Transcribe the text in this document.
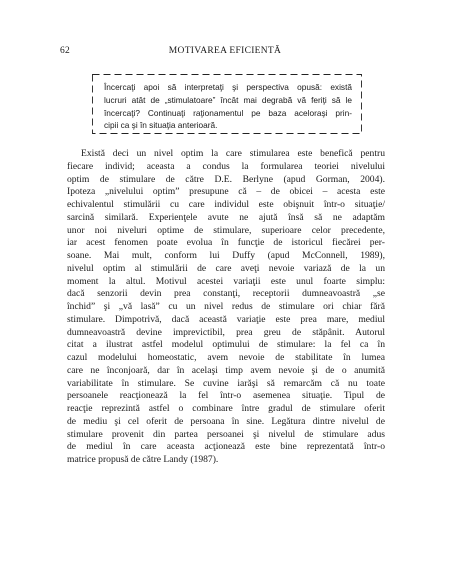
62	MOTIVAREA EFICIENTĂ
Încercaţi apoi să interpretaţi şi perspectiva opusă: există
lucruri atât de „stimulatoare” încât mai degrabă vă feriţi să le
încercaţi? Continuaţi raţionamentul pe baza aceloraşi prin-
cipii ca şi în situaţia anterioară.
Există deci un nivel optim la care stimularea este benefică pentru
fiecare individ; aceasta a condus la formularea teoriei nivelului
optim de stimulare de către D.E. Berlyne (apud Gorman, 2004).
Ipoteza „nivelului optim” presupune că – de obicei – acesta este
echivalentul stimulării cu care individul este obişnuit într-o situaţie/
sarcină similară. Experienţele avute ne ajută însă să ne adaptăm
unor noi niveluri optime de stimulare, superioare celor precedente,
iar acest fenomen poate evolua în funcţie de istoricul fiecărei per-
soane. Mai mult, conform lui Duffy (apud McConnell, 1989),
nivelul optim al stimulării de care aveţi nevoie variază de la un
moment la altul. Motivul acestei variaţii este unul foarte simplu:
dacă senzorii devin prea constanţi, receptorii dumneavoastră „se
închid” şi „vă lasă” cu un nivel redus de stimulare ori chiar fără
stimulare. Dimpotrivă, dacă această variaţie este prea mare, mediul
dumneavoastră devine imprevictibil, prea greu de stăpânit. Autorul
citat a ilustrat astfel modelul optimului de stimulare: la fel ca în
cazul modelului homeostatic, avem nevoie de stabilitate în lumea
care ne înconjoară, dar în acelaşi timp avem nevoie şi de o anumită
variabilitate în stimulare. Se cuvine iarăşi să remarcăm că nu toate
persoanele reacţionează la fel într-o asemenea situaţie. Tipul de
reacţie reprezintă astfel o combinare între gradul de stimulare oferit
de mediu şi cel oferit de persoana în sine. Legătura dintre nivelul de
stimulare provenit din partea persoanei şi nivelul de stimulare adus
de mediul în care aceasta acţionează este bine reprezentată într-o
matrice propusă de către Landy (1987).
